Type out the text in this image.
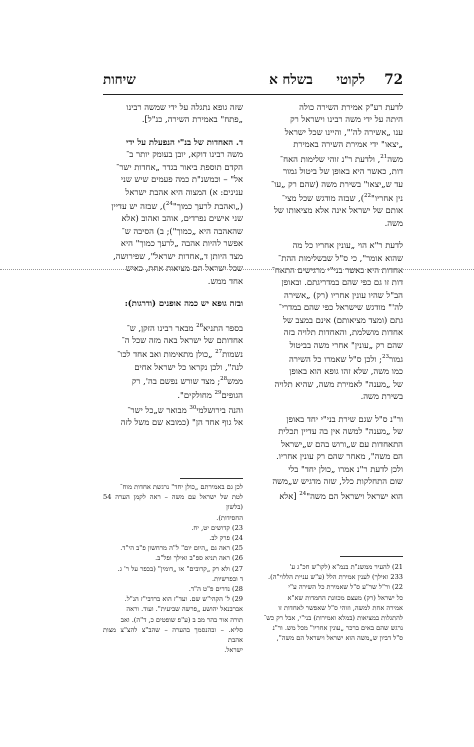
72
לקוטי     בשלח א
שיחות

לדעת רע"ק אמירת השירה כולה

היתה על ידי משה רבינו וישראל רק

ענו „אשירה לה'", והיינו שכל ישראל

„יצאו" ידי אמירת השירה באמירת

משה$^{21}$, ולדעת ר"נ זוהי שלימות האח־

דות, כאשר היא באופן של ביטול גמור

עד ש„יצאו" בשירת משה (שהם רק „עו־

נין אחריו"$^{22}$), שבזה מודגש שכל מצי־

אותם של ישראל אינה אלא מציאותו של

משה.

לדעת ר"א הוי „עונין אחריו כל מה

שהוא אומר", כי ס"ל שבשלימות ההת־

אחדות היא כאשר בני"י מרגישים התאח־

דות זו גם כפי שהם במדריגתם. ובאופן

הב"ל שהיו עונין אחריו (רק) „אשירה

לה'" מודגש שישראל כפי שהם במדרי־

גתם (ומצד מציאותם) אינם במצב של

אחדות מושלמת, והאחדות תלויה בזה

שהם רק „עונין" אחרי משה בביטול

גמור$^{23}$; ולכן ס"ל שאמרו כל השירה

כמו משה, שלא זהו גופא הוא באופן

של „מענה" לאמירת משה, שהיא תלויה

בשירת משה.

ור"נ ס"ל שגם שירת בני"י יחד באופן

של „מענה" למשה אין בה עדיין תכלית

התאחדות עם ש„ורוש בהם ש„ישראל

הם משה", מאחר שהם רק עונין אחריו.

ולכן לדעת ר"נ אמרו „כולן יחד" בלי

שום התחלקות כלל, שזה מדגיש ש„משה

הוא ישראל וישראל הם משה"$^{24}$ [אלא

שזה גופא נתגלה על ידי שמשה רבינו

„פתח" באמירת השירה, כנ"ל].

ד. האחדות של בנ"י הנפעלת על ידי

משה רבינו דוקא, יובן בעומק יותר ב־

הקדם תוספת ביאור בגדר „אחדות ישר־

אל" – וכמשנ"ת כמה פעמים שיש שני

ענינים: א) המצוה היא אהבת ישראל

(„ואהבת לרעך כמוך"$^{24}$), שבזה יש עדיין

שני אישים נפרדים, אוהב ואהוב (אלא

שהאהבה היא „כמוך"); ב) הסיבה ש־

אפשר להיות אהבה „לרעך כמוך" היא

מצד היותן ד„אחדות ישראל", שפירושה,

שכל ישראל הם מציאות אחת, כאיש

אחד ממש.

ובזה גופא יש כמה אופנים (ודרגות):

בספר התניא$^{26}$ מבאר רבינו הזקן, ש־

אחדותם של ישראל באה מזה שכל ה־

נשמות$^{27}$ „כולן מתאימות ואב אחד לכו־

לנה", ולכן נקראו כל ישראל אחים

ממש$^{28}$; מצד שורש נפשם בה', רק

הגופים$^{29}$ מחולקים".

והנה בירושלמי$^{30}$ מבואר ש„כל ישר־

אל גוף אחד הן" (כמובא שם משל לזה

לכן גם באמירתם „כולן יחד" נרגשת אחדות מוח־

לטת של ישראל עם משה – ראה לקמן הערה 54 (בלשון

החסידות).

23) קדושים יט, יח.

24) פרק לב.

25) ראה גם „היום יום" ל"ה מרחשון פ"ב הי"ד.

26) ראה תניא ספ"ב ואילך ופל"ב.

27) ולא רק „קרובים" או „דומין" (בכפר על ר' ג.

ד ובפרשיות.

28) נדרים פ"ט ה"ד.

29) ל' הקהי"ש שם. ועד"ז הוא ברדבי"ז הנ"ל.

אברבנאל יהושע „פרשה שביעית". ועוד. וראה

תורה אור בהר מב ב (ע"פ שופטים כ, ד"ה). ואב

סליא. – ובהנסמך בהערה – שהב"צ להצ"צ מצות אהבת

ישראל.

21) להעיר ממשנ"ת בנמ"א (לקו"ש חכ"ג ע'

233 ואילך) לענין אמירת הלל (ע"ש עניית הללוי"ה).

22) ור"ל שר"ע ס"ל שאמירת כל השירה ע"י

כל ישראל (רק) מעצם מכוונת החמדות שא"א

אמירה אחת למשה, וזוהי ס"ל שאפשר לאחדות זו

להתגלות במציאות (במלא ואמירות) בני"י, אבל רק כש־

נרגש שהם באים ברכר „עונין אחריו" מכל מש. ור"נ

ס"ל דביון ש„משה הוא ישראל וישראל הם משה",
